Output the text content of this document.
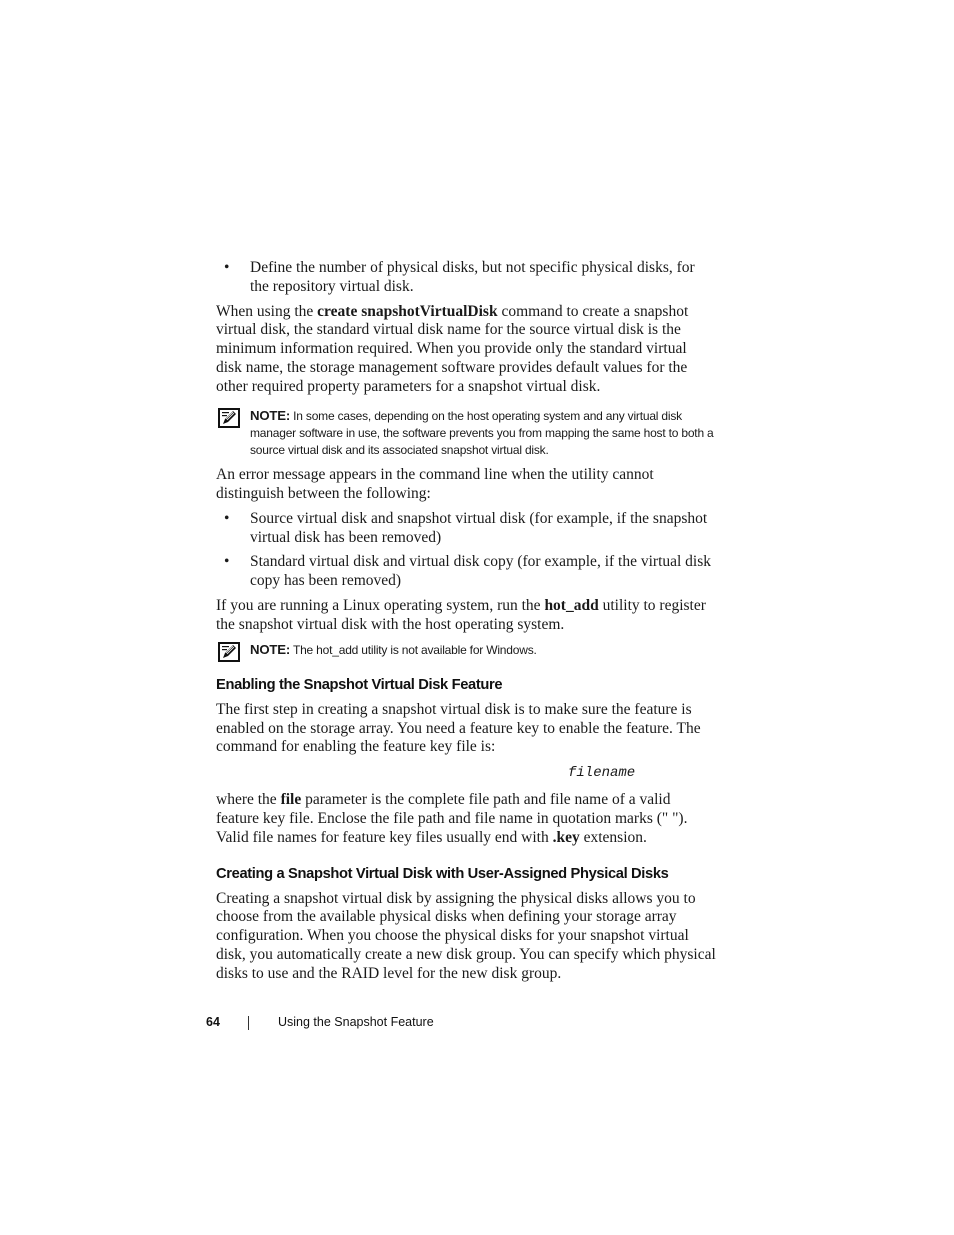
• Define the number of physical disks, but not specific physical disks, for the repository virtual disk.

When using the create snapshotVirtualDisk command to create a snapshot virtual disk, the standard virtual disk name for the source virtual disk is the minimum information required. When you provide only the standard virtual disk name, the storage management software provides default values for the other required property parameters for a snapshot virtual disk.

NOTE: In some cases, depending on the host operating system and any virtual disk manager software in use, the software prevents you from mapping the same host to both a source virtual disk and its associated snapshot virtual disk.

An error message appears in the command line when the utility cannot distinguish between the following:

• Source virtual disk and snapshot virtual disk (for example, if the snapshot virtual disk has been removed)
• Standard virtual disk and virtual disk copy (for example, if the virtual disk copy has been removed)

If you are running a Linux operating system, run the hot_add utility to register the snapshot virtual disk with the host operating system.

NOTE: The hot_add utility is not available for Windows.
Enabling the Snapshot Virtual Disk Feature

The first step in creating a snapshot virtual disk is to make sure the feature is enabled on the storage array. You need a feature key to enable the feature. The command for enabling the feature key file is:

filename

where the file parameter is the complete file path and file name of a valid feature key file. Enclose the file path and file name in quotation marks (" "). Valid file names for feature key files usually end with .key extension.

Creating a Snapshot Virtual Disk with User-Assigned Physical Disks

Creating a snapshot virtual disk by assigning the physical disks allows you to choose from the available physical disks when defining your storage array configuration. When you choose the physical disks for your snapshot virtual disk, you automatically create a new disk group. You can specify which physical disks to use and the RAID level for the new disk group.

64	Using the Snapshot Feature
